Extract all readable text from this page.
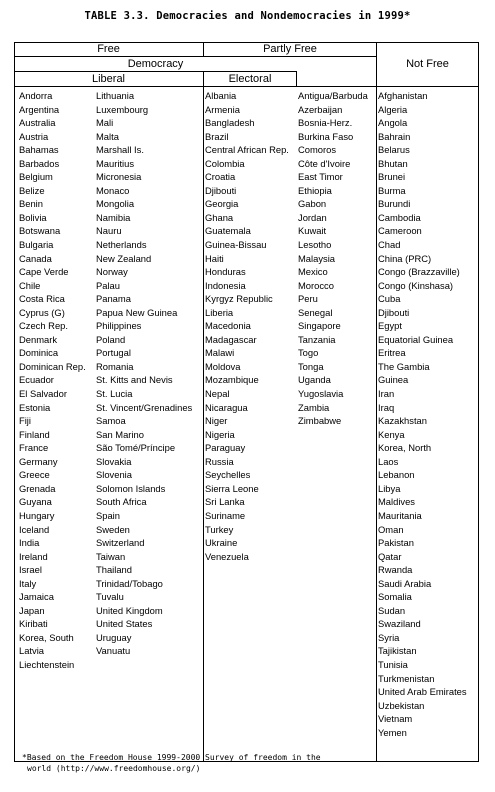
TABLE 3.3. Democracies and Nondemocracies in 1999*
Free	Partly Free
Democracy
Liberal	Electoral
Not Free
Andorra
Argentina
Australia
Austria
Bahamas
Barbados
Belgium
Belize
Benin
Bolivia
Botswana
Bulgaria
Canada
Cape Verde
Chile
Costa Rica
Cyprus (G)
Czech Rep.
Denmark
Dominica
Dominican Rep.
Ecuador
El Salvador
Estonia
Fiji
Finland
France
Germany
Greece
Grenada
Guyana
Hungary
Iceland
India
Ireland
Israel
Italy
Jamaica
Japan
Kiribati
Korea, South
Latvia
Liechtenstein
Lithuania
Luxembourg
Mali
Malta
Marshall Is.
Mauritius
Micronesia
Monaco
Mongolia
Namibia
Nauru
Netherlands
New Zealand
Norway
Palau
Panama
Papua New Guinea
Philippines
Poland
Portugal
Romania
St. Kitts and Nevis
St. Lucia
St. Vincent/Grenadines
Samoa
San Marino
São Tomé/Príncipe
Slovakia
Slovenia
Solomon Islands
South Africa
Spain
Sweden
Switzerland
Taiwan
Thailand
Trinidad/Tobago
Tuvalu
United Kingdom
United States
Uruguay
Vanuatu
Albania
Armenia
Bangladesh
Brazil
Central African Rep.
Colombia
Croatia
Djibouti
Georgia
Ghana
Guatemala
Guinea-Bissau
Haiti
Honduras
Indonesia
Kyrgyz Republic
Liberia
Macedonia
Madagascar
Malawi
Moldova
Mozambique
Nepal
Nicaragua
Niger
Nigeria
Paraguay
Russia
Seychelles
Sierra Leone
Sri Lanka
Suriname
Turkey
Ukraine
Venezuela
Antigua/Barbuda
Azerbaijan
Bosnia-Herz.
Burkina Faso
Comoros
Côte d'Ivoire
East Timor
Ethiopia
Gabon
Jordan
Kuwait
Lesotho
Malaysia
Mexico
Morocco
Peru
Senegal
Singapore
Tanzania
Togo
Tonga
Uganda
Yugoslavia
Zambia
Zimbabwe
Afghanistan
Algeria
Angola
Bahrain
Belarus
Bhutan
Brunei
Burma
Burundi
Cambodia
Cameroon
Chad
China (PRC)
Congo (Brazzaville)
Congo (Kinshasa)
Cuba
Djibouti
Egypt
Equatorial Guinea
Eritrea
The Gambia
Guinea
Iran
Iraq
Kazakhstan
Kenya
Korea, North
Laos
Lebanon
Libya
Maldives
Mauritania
Oman
Pakistan
Qatar
Rwanda
Saudi Arabia
Somalia
Sudan
Swaziland
Syria
Tajikistan
Tunisia
Turkmenistan
United Arab Emirates
Uzbekistan
Vietnam
Yemen
*Based on the Freedom House 1999-2000 Survey of freedom in the
world (http://www.freedomhouse.org/)
